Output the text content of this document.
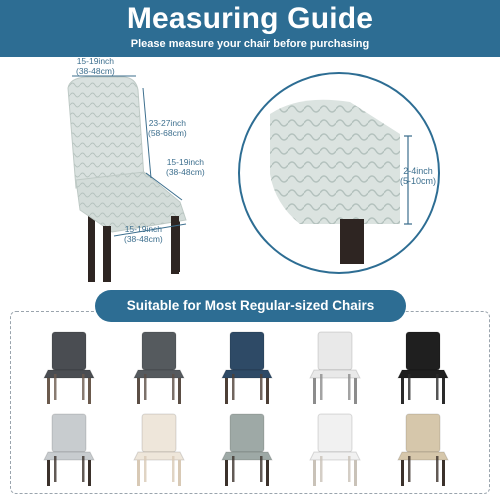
Measuring Guide
Please measure your chair before purchasing
15-19inch
(38-48cm)
23-27inch
(58-68cm)
15-19inch
(38-48cm)
15-19inch
(38-48cm)
2-4inch
(5-10cm)
Suitable for Most Regular-sized Chairs
